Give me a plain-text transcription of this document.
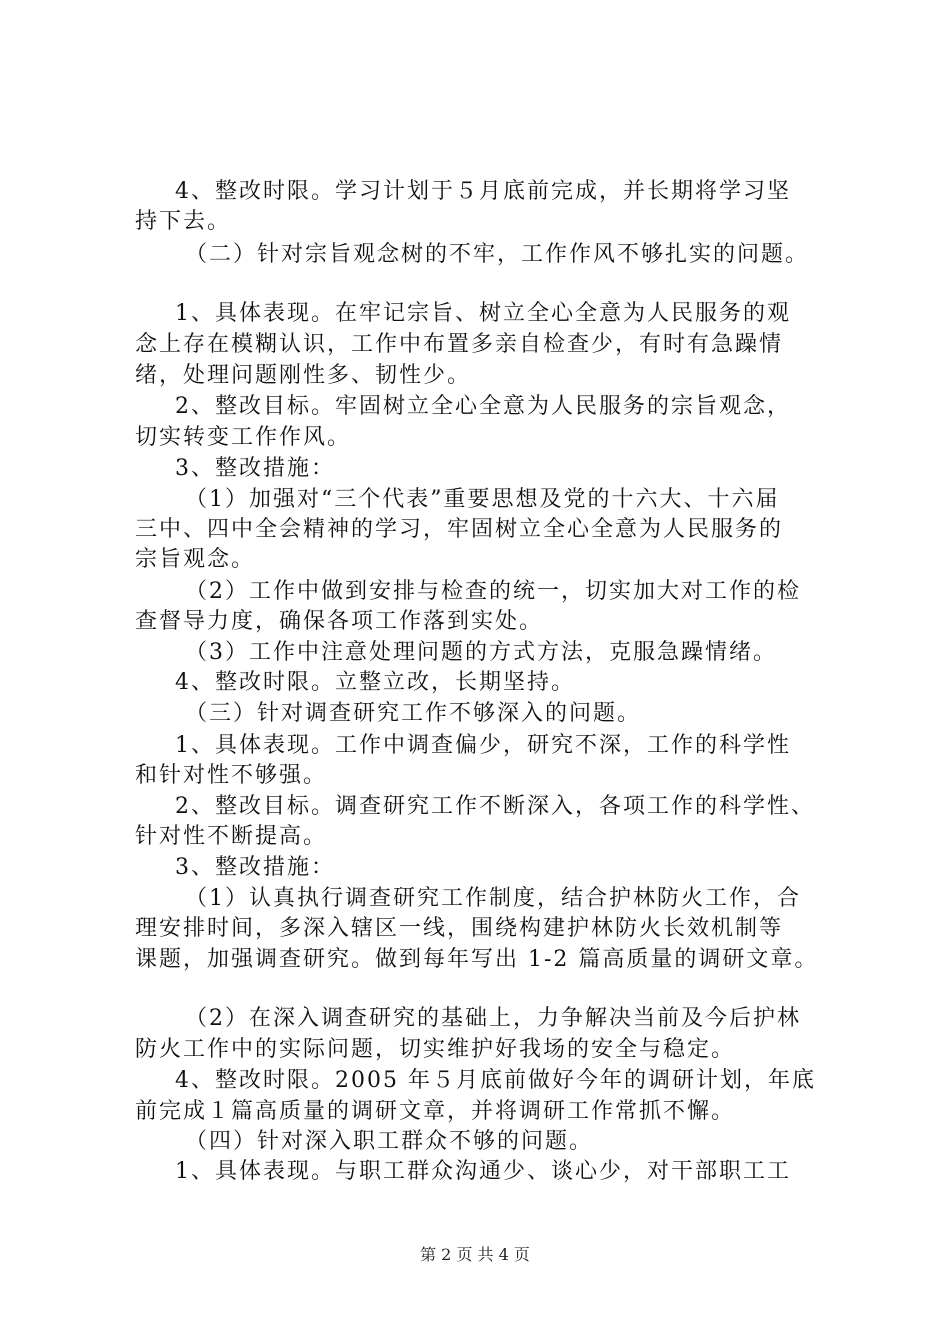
4、整改时限。学习计划于５月底前完成，并长期将学习坚
持下去。
（二）针对宗旨观念树的不牢，工作作风不够扎实的问题。
1、具体表现。在牢记宗旨、树立全心全意为人民服务的观
念上存在模糊认识，工作中布置多亲自检查少，有时有急躁情
绪，处理问题刚性多、韧性少。
2、整改目标。牢固树立全心全意为人民服务的宗旨观念，
切实转变工作作风。
3、整改措施：
（1）加强对“三个代表”重要思想及党的十六大、十六届
三中、四中全会精神的学习，牢固树立全心全意为人民服务的
宗旨观念。
（2）工作中做到安排与检查的统一，切实加大对工作的检
查督导力度，确保各项工作落到实处。
（3）工作中注意处理问题的方式方法，克服急躁情绪。
4、整改时限。立整立改，长期坚持。
（三）针对调查研究工作不够深入的问题。
1、具体表现。工作中调查偏少，研究不深，工作的科学性
和针对性不够强。
2、整改目标。调查研究工作不断深入，各项工作的科学性、
针对性不断提高。
3、整改措施：
（1）认真执行调查研究工作制度，结合护林防火工作，合
理安排时间，多深入辖区一线，围绕构建护林防火长效机制等
课题，加强调查研究。做到每年写出 1-2 篇高质量的调研文章。
（2）在深入调查研究的基础上，力争解决当前及今后护林
防火工作中的实际问题，切实维护好我场的安全与稳定。
4、整改时限。2005 年５月底前做好今年的调研计划，年底
前完成１篇高质量的调研文章，并将调研工作常抓不懈。
（四）针对深入职工群众不够的问题。
1、具体表现。与职工群众沟通少、谈心少，对干部职工工
第 2 页 共 4 页
